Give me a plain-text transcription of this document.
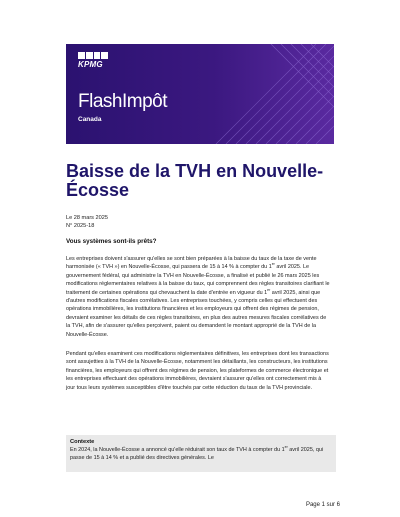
KPMG
FlashImpôt
Canada
Baisse de la TVH en Nouvelle-Écosse
Le 28 mars 2025
N° 2025-18
Vous systèmes sont-ils prêts?

Les entreprises doivent s'assurer qu'elles se sont bien préparées à la baisse du taux de la taxe de vente harmonisée (« TVH ») en Nouvelle-Écosse, qui passera de 15 à 14 % à compter du 1er avril 2025. Le gouvernement fédéral, qui administre la TVH en Nouvelle-Écosse, a finalisé et publié le 26 mars 2025 les modifications réglementaires relatives à la baisse du taux, qui comprennent des règles transitoires clarifiant le traitement de certaines opérations qui chevauchent la date d'entrée en vigueur du 1er avril 2025, ainsi que d'autres modifications fiscales corrélatives. Les entreprises touchées, y compris celles qui effectuent des opérations immobilières, les institutions financières et les employeurs qui offrent des régimes de pension, devraient examiner les détails de ces règles transitoires, en plus des autres mesures fiscales corrélatives de la TVH, afin de s'assurer qu'elles perçoivent, paient ou demandent le montant approprié de la TVH de la Nouvelle-Écosse.

Pendant qu'elles examinent ces modifications réglementaires définitives, les entreprises dont les transactions sont assujetties à la TVH de la Nouvelle-Écosse, notamment les détaillants, les constructeurs, les institutions financières, les employeurs qui offrent des régimes de pension, les plateformes de commerce électronique et les entreprises effectuant des opérations immobilières, devraient s'assurer qu'elles ont correctement mis à jour tous leurs systèmes susceptibles d'être touchés par cette réduction du taux de la TVH provinciale.

Contexte

En 2024, la Nouvelle-Écosse a annoncé qu'elle réduirait son taux de TVH à compter du 1er avril 2025, qui passe de 15 à 14 % et a publié des directives générales. Le

Page 1 sur 6
